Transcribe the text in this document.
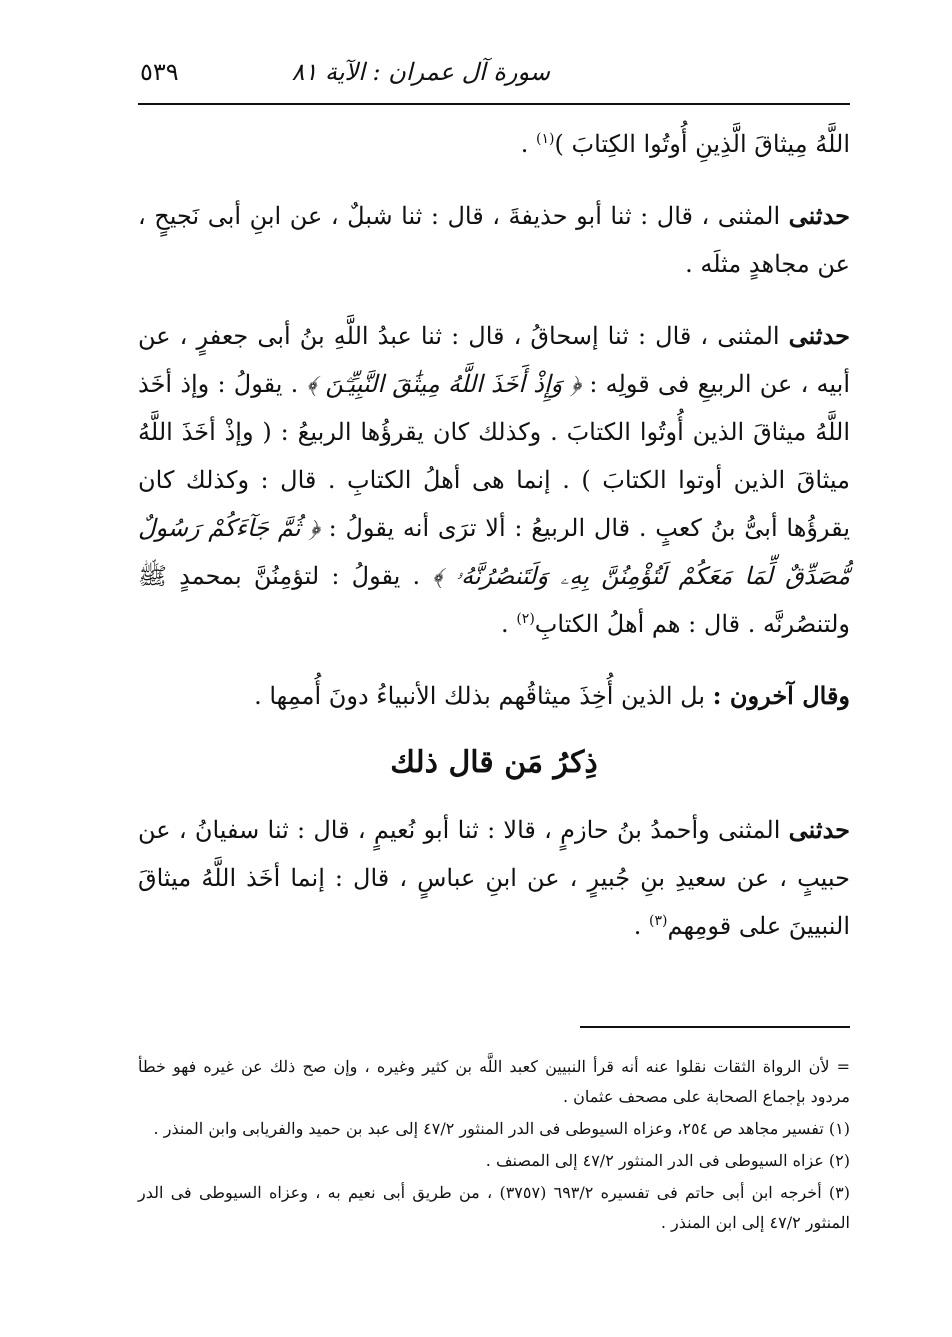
سورة آل عمران : الآية ٨١
٥٣٩

اللَّهُ مِيثاقَ الَّذِينِ أُوتُوا الكِتابَ )$^{(١)}$ .

حدثنى المثنى ، قال : ثنا أبو حذيفةَ ، قال : ثنا شبلٌ ، عن ابنِ أبى نَجيحٍ ، عن مجاهدٍ مثلَه .

حدثنى المثنى ، قال : ثنا إسحاقُ ، قال : ثنا عبدُ اللَّهِ بنُ أبى جعفرٍ ، عن أبيه ، عن الربيعِ فى قولِه : ﴿ وَإِذْ أَخَذَ اللَّهُ مِيثَٰقَ النَّبِيِّـۧنَ ﴾ . يقولُ : وإذ أخَذ اللَّهُ ميثاقَ الذين أُوتُوا الكتابَ . وكذلك كان يقرؤُها الربيعُ : ( وإذْ أخَذَ اللَّهُ ميثاقَ الذين أوتوا الكتابَ ) . إنما هى أهلُ الكتابِ . قال : وكذلك كان يقرؤُها أبىُّ بنُ كعبٍ . قال الربيعُ : ألا ترَى أنه يقولُ : ﴿ ثُمَّ جَآءَكُمْ رَسُولٌ مُّصَدِّقٌ لِّمَا مَعَكُمْ لَتُؤْمِنُنَّ بِهِۦ وَلَتَنصُرُنَّهُۥ ﴾ . يقولُ : لتؤمِنُنَّ بمحمدٍ ﷺ ولتنصُرنَّه . قال : هم أهلُ الكتابِ$^{(٢)}$ .

وقال آخرون : بل الذين أُخِذَ ميثاقُهم بذلك الأنبياءُ دونَ أُممِها .

ذِكرُ مَن قال ذلك

حدثنى المثنى وأحمدُ بنُ حازمٍ ، قالا : ثنا أبو نُعيمٍ ، قال : ثنا سفيانُ ، عن حبيبٍ ، عن سعيدِ بنِ جُبيرٍ ، عن ابنِ عباسٍ ، قال : إنما أخَذ اللَّهُ ميثاقَ النبيينَ على قومِهم$^{(٣)}$ .

= لأن الرواة الثقات نقلوا عنه أنه قرأ النبيين كعبد اللَّه بن كثير وغيره ، وإن صح ذلك عن غيره فهو خطأ مردود بإجماع الصحابة على مصحف عثمان .

(١) تفسير مجاهد ص ٢٥٤، وعزاه السيوطى فى الدر المنثور ٤٧/٢ إلى عبد بن حميد والفريابى وابن المنذر .

(٢) عزاه السيوطى فى الدر المنثور ٤٧/٢ إلى المصنف .

(٣) أخرجه ابن أبى حاتم فى تفسيره ٦٩٣/٢ (٣٧٥٧) ، من طريق أبى نعيم به ، وعزاه السيوطى فى الدر المنثور ٤٧/٢ إلى ابن المنذر .
